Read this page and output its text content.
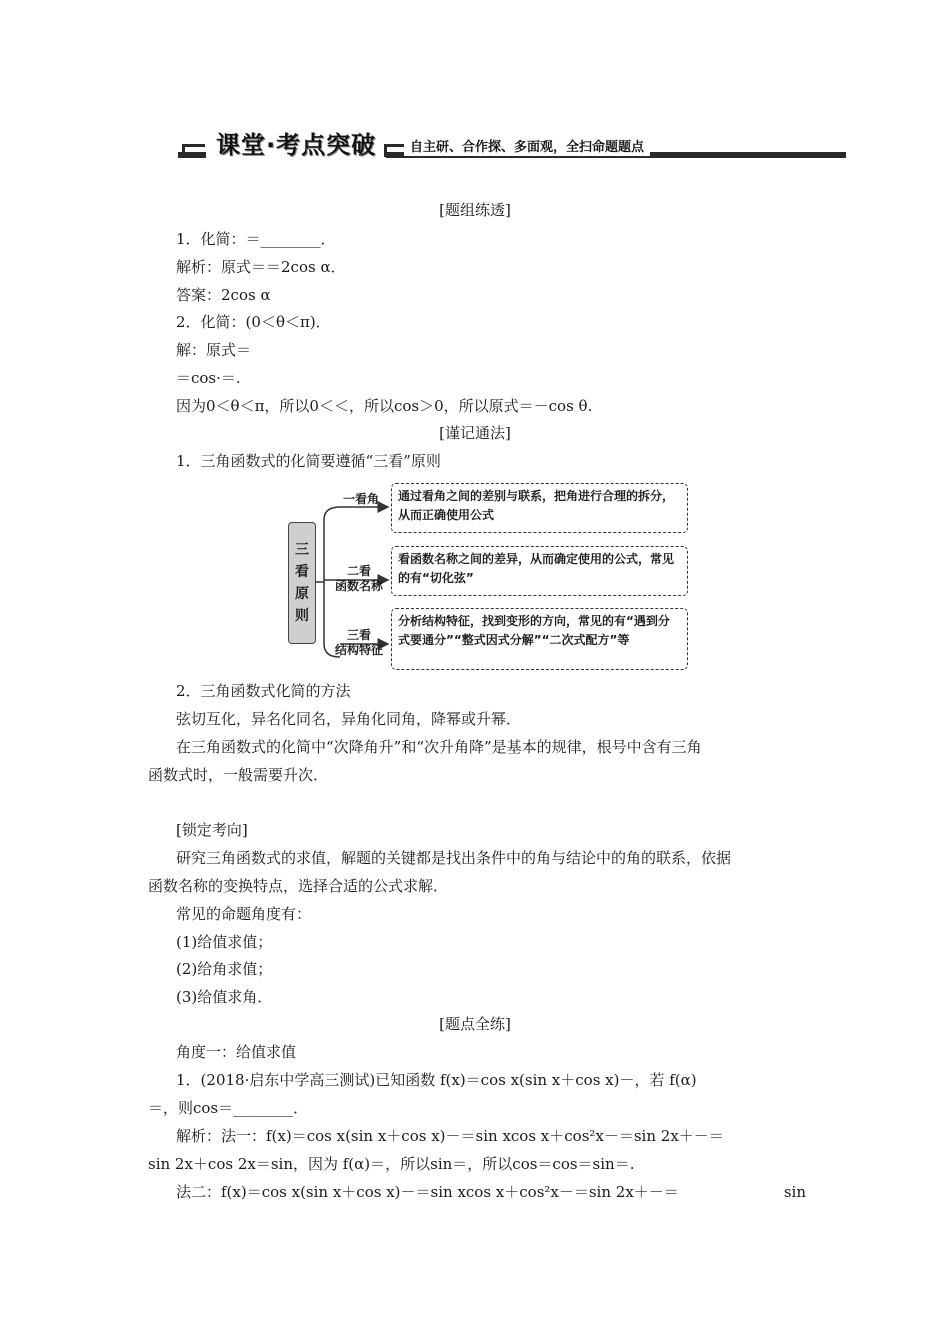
课堂·考点突破	自主研、合作探、多面观，全扫命题题点
[题组练透]
1．化简：＝________．
解析：原式＝＝2cos α．
答案：2cos α
2．化简：(0＜θ＜π)．
解：原式＝
＝cos·＝.
因为0＜θ＜π，所以0＜＜，所以cos＞0，所以原式＝－cos θ.
[谨记通法]
1．三角函数式的化简要遵循“三看”原则
三
看
原
则
一看角
二看
函数名称
三看
结构特征
通过看角之间的差别与联系，把角进行合理的拆分，从而正确使用公式
看函数名称之间的差异，从而确定使用的公式，常见的有“切化弦”
分析结构特征，找到变形的方向，常见的有“遇到分式要通分”“整式因式分解”“二次式配方”等
2．三角函数式化简的方法
弦切互化，异名化同名，异角化同角，降幂或升幂．
在三角函数式的化简中“次降角升”和“次升角降”是基本的规律，根号中含有三角
函数式时，一般需要升次．
[锁定考向]
研究三角函数式的求值，解题的关键都是找出条件中的角与结论中的角的联系，依据
函数名称的变换特点，选择合适的公式求解．
常见的命题角度有：
(1)给值求值；
(2)给角求值；
(3)给值求角．
[题点全练]
角度一：给值求值
1．(2018·启东中学高三测试)已知函数 f(x)＝cos x(sin x＋cos x)－，若 f(α)
＝，则cos＝________．
解析：法一：f(x)＝cos x(sin x＋cos x)－＝sin xcos x＋cos²x－＝sin 2x＋－＝
sin 2x＋cos 2x＝sin，因为 f(α)＝，所以sin＝，所以cos＝cos＝sin＝.
法二：f(x)＝cos x(sin x＋cos x)－＝sin xcos x＋cos²x－＝sin 2x＋－＝	sin
